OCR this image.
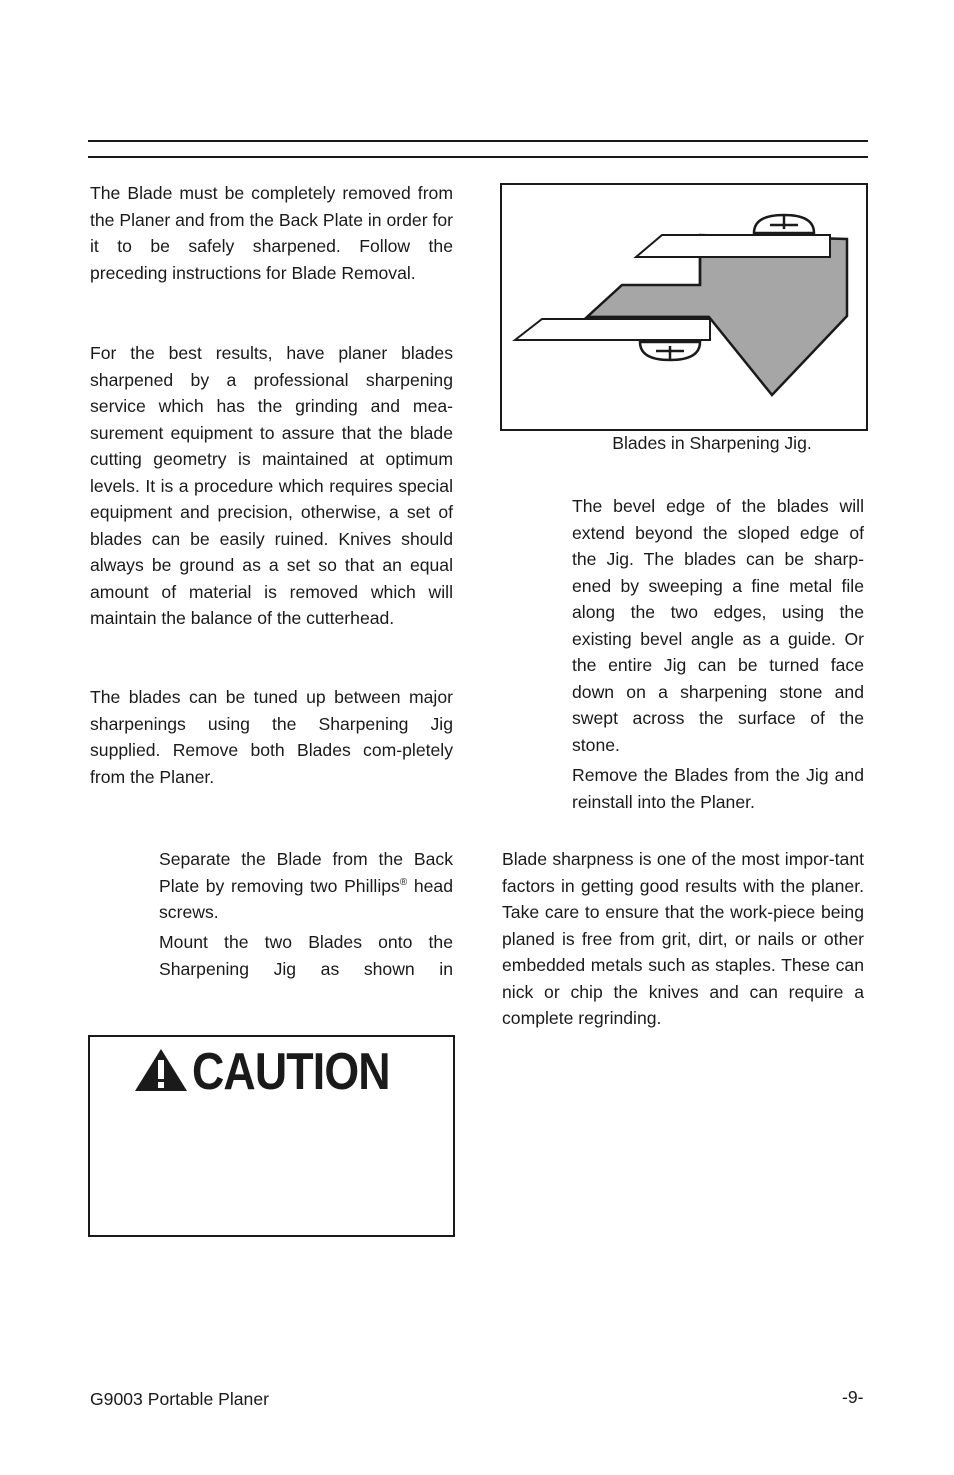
The Blade must be completely removed from the Planer and from the Back Plate in order for it to be safely sharpened. Follow the preceding instructions for Blade Removal.

For the best results, have planer blades sharpened by a professional sharpening service which has the grinding and mea-surement equipment to assure that the blade cutting geometry is maintained at optimum levels. It is a procedure which requires special equipment and precision, otherwise, a set of blades can be easily ruined. Knives should always be ground as a set so that an equal amount of material is removed which will maintain the balance of the cutterhead.

The blades can be tuned up between major sharpenings using the Sharpening Jig supplied. Remove both Blades com-pletely from the Planer.

Separate the Blade from the Back Plate by removing two Phillips® head screws.

Mount the two Blades onto the Sharpening Jig as shown in

CAUTION
Blades in Sharpening Jig.

The bevel edge of the blades will extend beyond the sloped edge of the Jig. The blades can be sharp-ened by sweeping a fine metal file along the two edges, using the existing bevel angle as a guide. Or the entire Jig can be turned face down on a sharpening stone and swept across the surface of the stone.

Remove the Blades from the Jig and reinstall into the Planer.

Blade sharpness is one of the most impor-tant factors in getting good results with the planer. Take care to ensure that the work-piece being planed is free from grit, dirt, or nails or other embedded metals such as staples. These can nick or chip the knives and can require a complete regrinding.

G9003 Portable Planer	-9-
